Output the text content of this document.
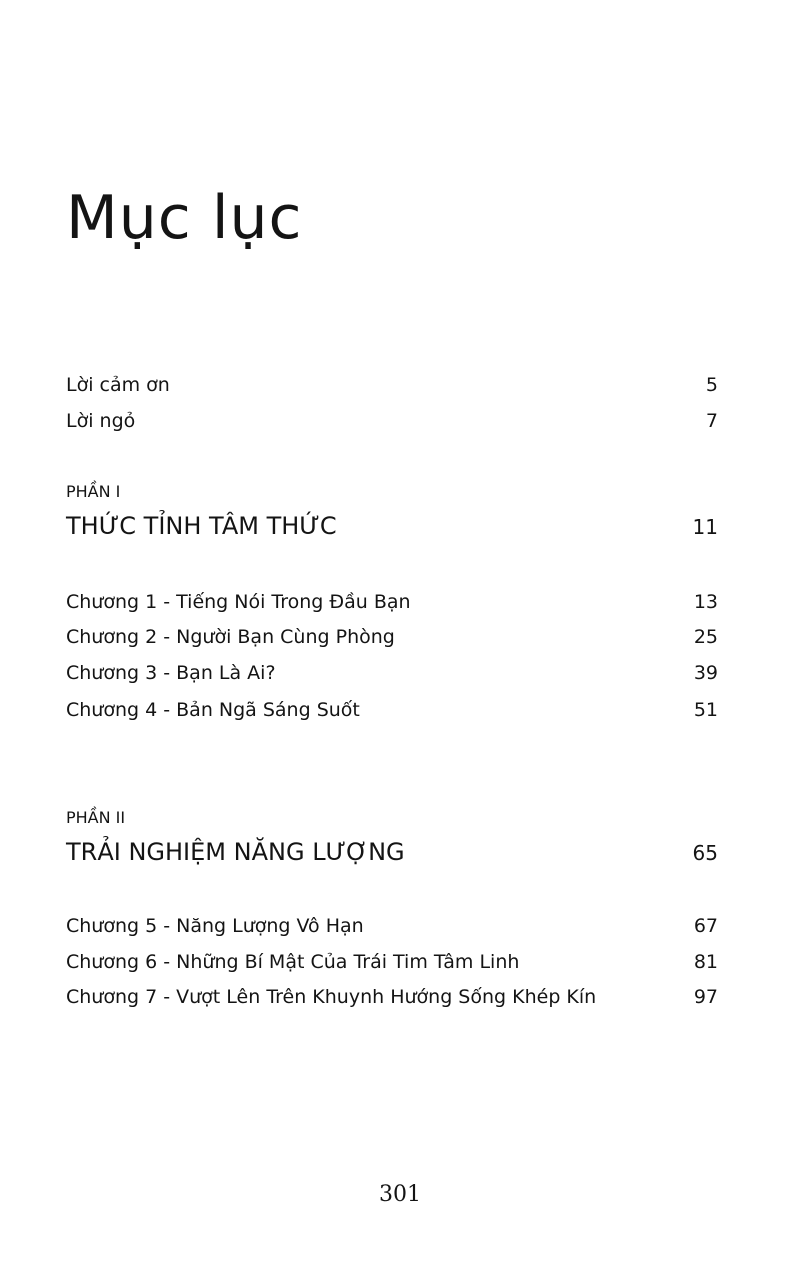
Mục lục
Lời cảm ơn	5
Lời ngỏ	7
PHẦN I
THỨC TỈNH TÂM THỨC	11
Chương 1 - Tiếng Nói Trong Đầu Bạn	13
Chương 2 - Người Bạn Cùng Phòng	25
Chương 3 - Bạn Là Ai?	39
Chương 4 - Bản Ngã Sáng Suốt	51
PHẦN II
TRẢI NGHIỆM NĂNG LƯỢNG	65
Chương 5 - Năng Lượng Vô Hạn	67
Chương 6 - Những Bí Mật Của Trái Tim Tâm Linh	81
Chương 7 - Vượt Lên Trên Khuynh Hướng Sống Khép Kín	97
301
